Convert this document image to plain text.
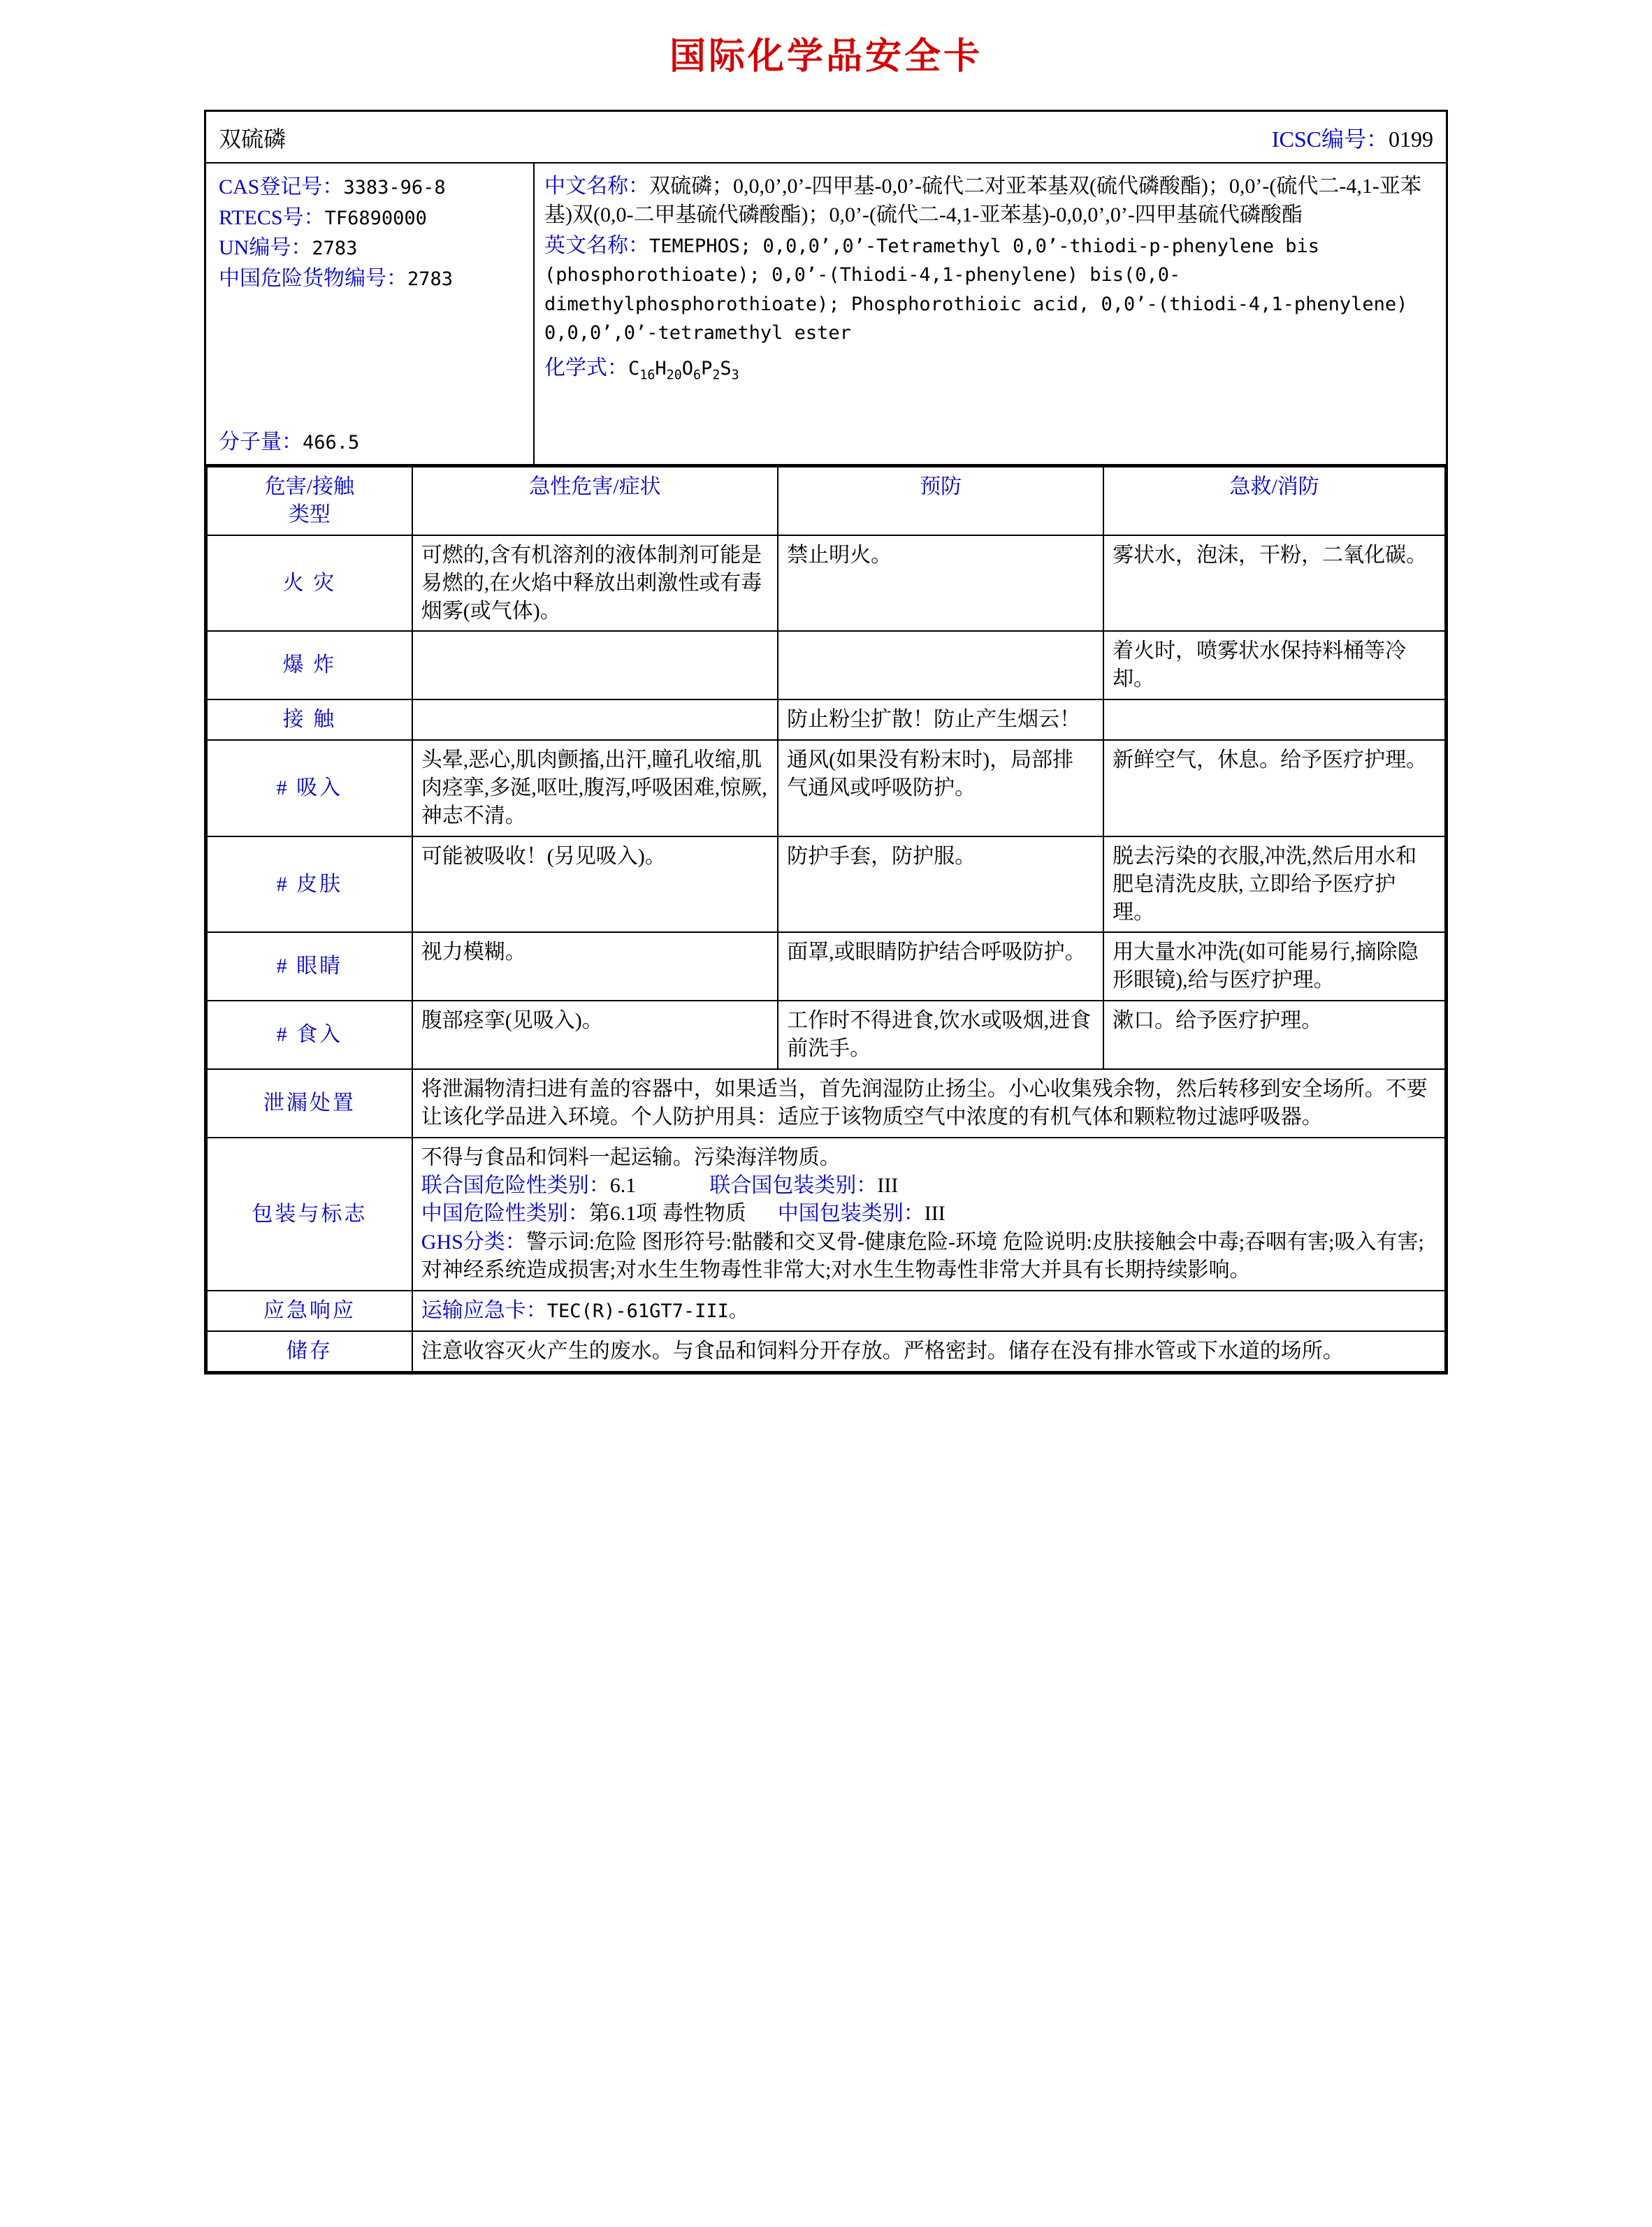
国际化学品安全卡
双硫磷	ICSC编号：0199
CAS登记号：3383-96-8
RTECS号：TF6890000
UN编号：2783
中国危险货物编号：2783
分子量：466.5
中文名称：双硫磷；0,0,0’,0’-四甲基-0,0’-硫代二对亚苯基双(硫代磷酸酯)；0,0’-(硫代二-4,1-亚苯基)双(0,0-二甲基硫代磷酸酯)；0,0’-(硫代二-4,1-亚苯基)-0,0,0’,0’-四甲基硫代磷酸酯
英文名称：TEMEPHOS; 0,0,0’,0’-Tetramethyl 0,0’-thiodi-p-phenylene bis (phosphorothioate); 0,0’-(Thiodi-4,1-phenylene) bis(0,0-dimethylphosphorothioate); Phosphorothioic acid, 0,0’-(thiodi-4,1-phenylene) 0,0,0’,0’-tetramethyl ester
化学式：$C_{16}H_{20}O_6P_2S_3$
危害/接触
类型	急性危害/症状	预防	急救/消防
火 灾	可燃的,含有机溶剂的液体制剂可能是易燃的,在火焰中释放出刺激性或有毒烟雾(或气体)。	禁止明火。	雾状水，泡沫，干粉，二氧化碳。
爆 炸			着火时，喷雾状水保持料桶等冷却。
接 触		防止粉尘扩散！防止产生烟云！	
# 吸入	头晕,恶心,肌肉颤搐,出汗,瞳孔收缩,肌肉痉挛,多涎,呕吐,腹泻,呼吸困难,惊厥,神志不清。	通风(如果没有粉末时)，局部排气通风或呼吸防护。	新鲜空气，休息。给予医疗护理。
# 皮肤	可能被吸收！(另见吸入)。	防护手套，防护服。	脱去污染的衣服,冲洗,然后用水和肥皂清洗皮肤, 立即给予医疗护理。
# 眼睛	视力模糊。	面罩,或眼睛防护结合呼吸防护。	用大量水冲洗(如可能易行,摘除隐形眼镜),给与医疗护理。
# 食入	腹部痉挛(见吸入)。	工作时不得进食,饮水或吸烟,进食前洗手。	漱口。给予医疗护理。
泄漏处置	将泄漏物清扫进有盖的容器中，如果适当，首先润湿防止扬尘。小心收集残余物，然后转移到安全场所。不要让该化学品进入环境。个人防护用具：适应于该物质空气中浓度的有机气体和颗粒物过滤呼吸器。		
包装与标志	不得与食品和饲料一起运输。污染海洋物质。
联合国危险性类别：6.1 联合国包装类别：III
中国危险性类别：第6.1项 毒性物质 中国包装类别：III
GHS分类：警示词:危险 图形符号:骷髅和交叉骨-健康危险-环境 危险说明:皮肤接触会中毒;吞咽有害;吸入有害;对神经系统造成损害;对水生生物毒性非常大;对水生生物毒性非常大并具有长期持续影响。		

应急响应	运输应急卡：TEC(R)-61GT7-III。		
储存	注意收容灭火产生的废水。与食品和饲料分开存放。严格密封。储存在没有排水管或下水道的场所。		
